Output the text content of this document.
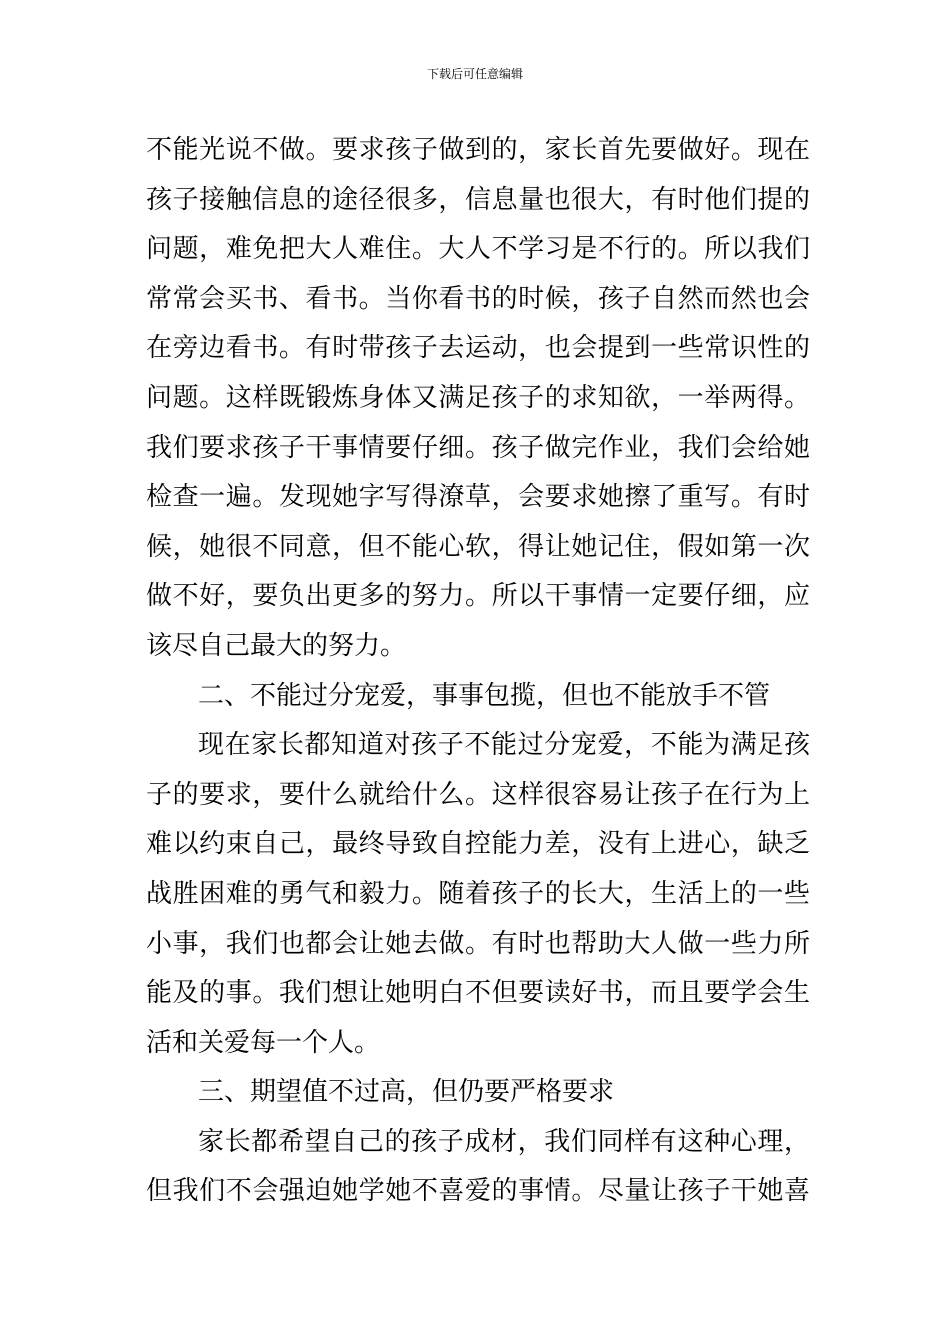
下载后可任意编辑
不能光说不做。要求孩子做到的，家长首先要做好。现在
孩子接触信息的途径很多，信息量也很大，有时他们提的
问题，难免把大人难住。大人不学习是不行的。所以我们
常常会买书、看书。当你看书的时候，孩子自然而然也会
在旁边看书。有时带孩子去运动，也会提到一些常识性的
问题。这样既锻炼身体又满足孩子的求知欲，一举两得。
我们要求孩子干事情要仔细。孩子做完作业，我们会给她
检查一遍。发现她字写得潦草，会要求她擦了重写。有时
候，她很不同意，但不能心软，得让她记住，假如第一次
做不好，要负出更多的努力。所以干事情一定要仔细，应
该尽自己最大的努力。
二、不能过分宠爱，事事包揽，但也不能放手不管
现在家长都知道对孩子不能过分宠爱，不能为满足孩
子的要求，要什么就给什么。这样很容易让孩子在行为上
难以约束自己，最终导致自控能力差，没有上进心，缺乏
战胜困难的勇气和毅力。随着孩子的长大，生活上的一些
小事，我们也都会让她去做。有时也帮助大人做一些力所
能及的事。我们想让她明白不但要读好书，而且要学会生
活和关爱每一个人。
三、期望值不过高，但仍要严格要求
家长都希望自己的孩子成材，我们同样有这种心理，
但我们不会强迫她学她不喜爱的事情。尽量让孩子干她喜
